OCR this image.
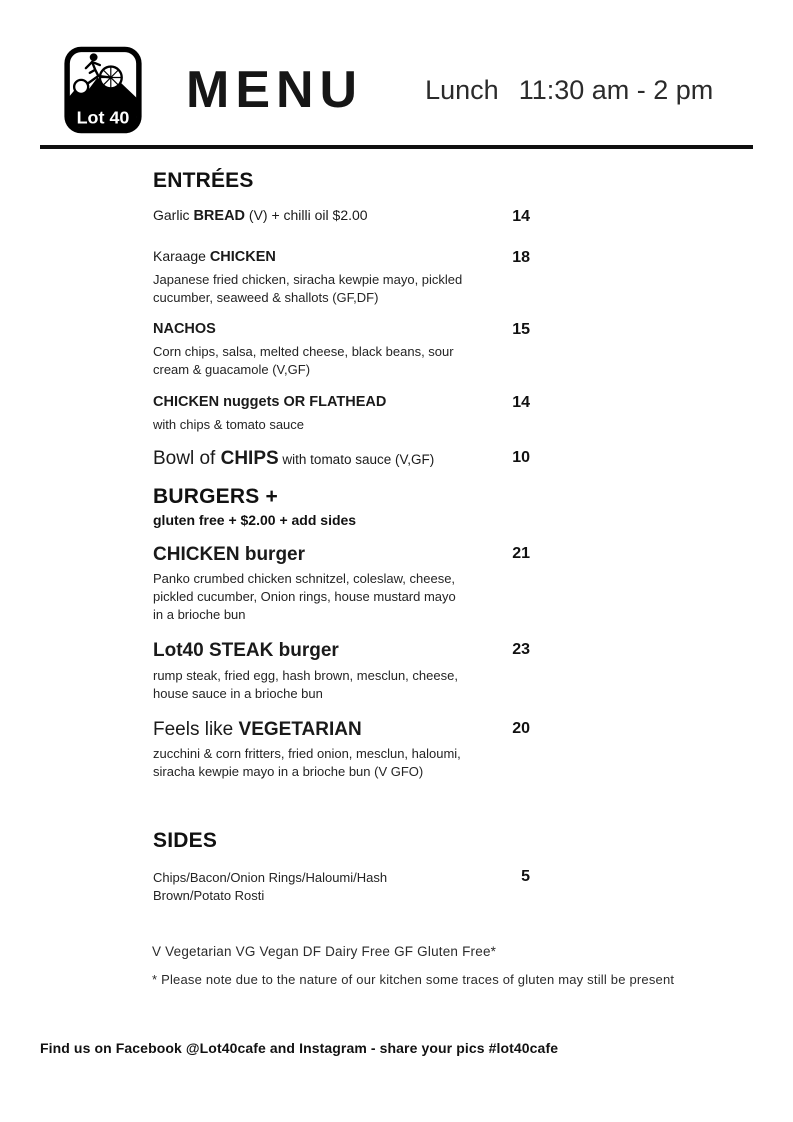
Lot 40 MENU Lunch 11:30 am - 2 pm
ENTRÉES
Garlic BREAD (V) + chilli oil $2.00	14
Karaage CHICKEN
Japanese fried chicken, siracha kewpie mayo, pickled
cucumber, seaweed & shallots (GF,DF)
18
NACHOS
Corn chips, salsa, melted cheese, black beans, sour
cream & guacamole (V,GF)
15
CHICKEN nuggets OR FLATHEAD
with chips & tomato sauce
14
Bowl of CHIPS with tomato sauce (V,GF)	10
BURGERS +
gluten free + $2.00 + add sides
CHICKEN burger
Panko crumbed chicken schnitzel, coleslaw, cheese,
pickled cucumber, Onion rings, house mustard mayo
in a brioche bun
21
Lot40 STEAK burger
rump steak, fried egg, hash brown, mesclun, cheese,
house sauce in a brioche bun
23
Feels like VEGETARIAN
zucchini & corn fritters, fried onion, mesclun, haloumi,
siracha kewpie mayo in a brioche bun (V GFO)
20
SIDES
Chips/Bacon/Onion Rings/Haloumi/Hash
Brown/Potato Rosti
5
V Vegetarian VG Vegan DF Dairy Free GF Gluten Free*
* Please note due to the nature of our kitchen some traces of gluten may still be present
Find us on Facebook @Lot40cafe and Instagram - share your pics #lot40cafe
